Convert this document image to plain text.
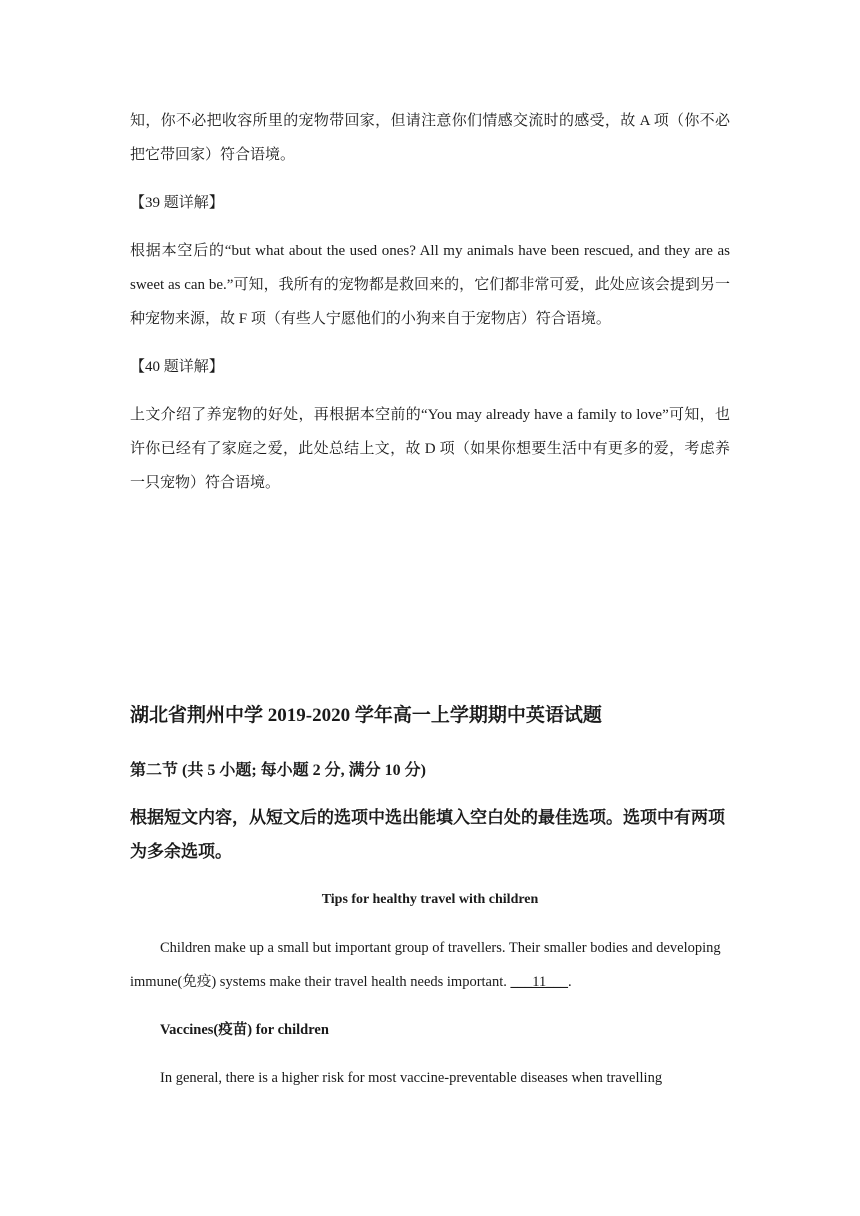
知，你不必把收容所里的宠物带回家，但请注意你们情感交流时的感受，故 A 项（你不必把它带回家）符合语境。

【39 题详解】

根据本空后的“but what about the used ones? All my animals have been rescued, and they are as sweet as can be.”可知，我所有的宠物都是救回来的，它们都非常可爱，此处应该会提到另一种宠物来源，故 F 项（有些人宁愿他们的小狗来自于宠物店）符合语境。

【40 题详解】

上文介绍了养宠物的好处，再根据本空前的“You may already have a family to love”可知，也许你已经有了家庭之爱，此处总结上文，故 D 项（如果你想要生活中有更多的爱，考虑养一只宠物）符合语境。

湖北省荆州中学 2019-2020 学年高一上学期期中英语试题
第二节 (共 5 小题; 每小题 2 分, 满分 10 分)

根据短文内容，从短文后的选项中选出能填入空白处的最佳选项。选项中有两项为多余选项。

Tips for healthy travel with children

Children make up a small but important group of travellers. Their smaller bodies and developing immune(免疫) systems make their travel health needs important. ___11___.

Vaccines(疫苗) for children

In general, there is a higher risk for most vaccine-preventable diseases when travelling
